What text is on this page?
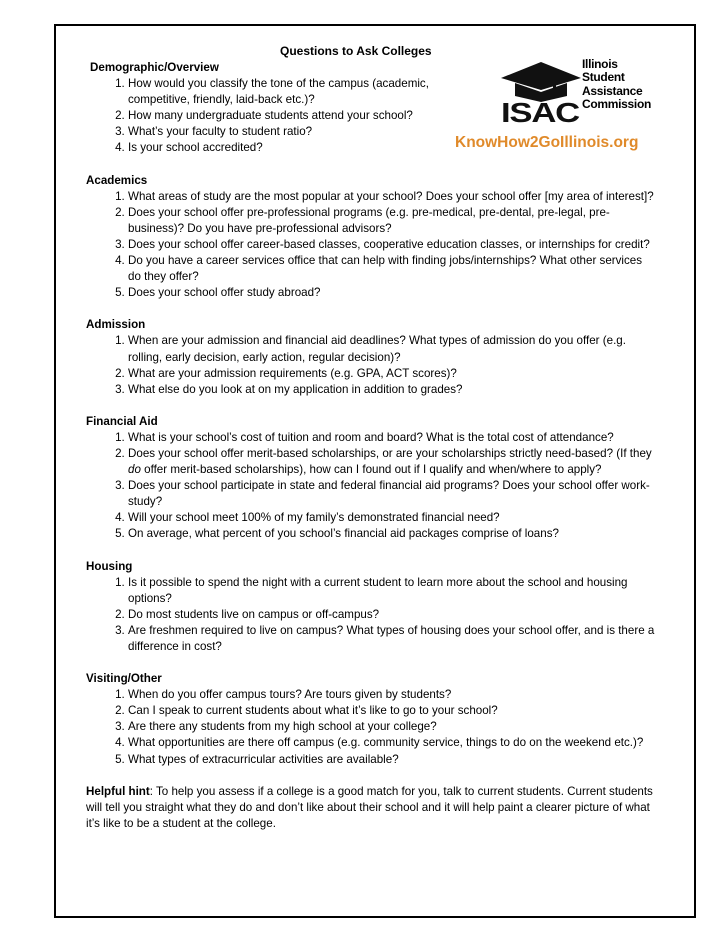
Questions to Ask Colleges
ISAC
Illinois
Student
Assistance
Commission
KnowHow2GoIllinois.org
Demographic/Overview
1. How would you classify the tone of the campus (academic, competitive, friendly, laid-back etc.)?
2. How many undergraduate students attend your school?
3. What’s your faculty to student ratio?
4. Is your school accredited?
Academics
1. What areas of study are the most popular at your school? Does your school offer [my area of interest]?
2. Does your school offer pre-professional programs (e.g. pre-medical, pre-dental, pre-legal, pre-business)? Do you have pre-professional advisors?
3. Does your school offer career-based classes, cooperative education classes, or internships for credit?
4. Do you have a career services office that can help with finding jobs/internships? What other services do they offer?
5. Does your school offer study abroad?
Admission
1. When are your admission and financial aid deadlines? What types of admission do you offer (e.g. rolling, early decision, early action, regular decision)?
2. What are your admission requirements (e.g. GPA, ACT scores)?
3. What else do you look at on my application in addition to grades?
Financial Aid
1. What is your school’s cost of tuition and room and board? What is the total cost of attendance?
2. Does your school offer merit-based scholarships, or are your scholarships strictly need-based? (If they do offer merit-based scholarships), how can I found out if I qualify and when/where to apply?
3. Does your school participate in state and federal financial aid programs? Does your school offer work-study?
4. Will your school meet 100% of my family’s demonstrated financial need?
5. On average, what percent of you school’s financial aid packages comprise of loans?
Housing
1. Is it possible to spend the night with a current student to learn more about the school and housing options?
2. Do most students live on campus or off-campus?
3. Are freshmen required to live on campus? What types of housing does your school offer, and is there a difference in cost?
Visiting/Other
1. When do you offer campus tours? Are tours given by students?
2. Can I speak to current students about what it’s like to go to your school?
3. Are there any students from my high school at your college?
4. What opportunities are there off campus (e.g. community service, things to do on the weekend etc.)?
5. What types of extracurricular activities are available?
Helpful hint: To help you assess if a college is a good match for you, talk to current students. Current students will tell you straight what they do and don’t like about their school and it will help paint a clearer picture of what it’s like to be a student at the college.
